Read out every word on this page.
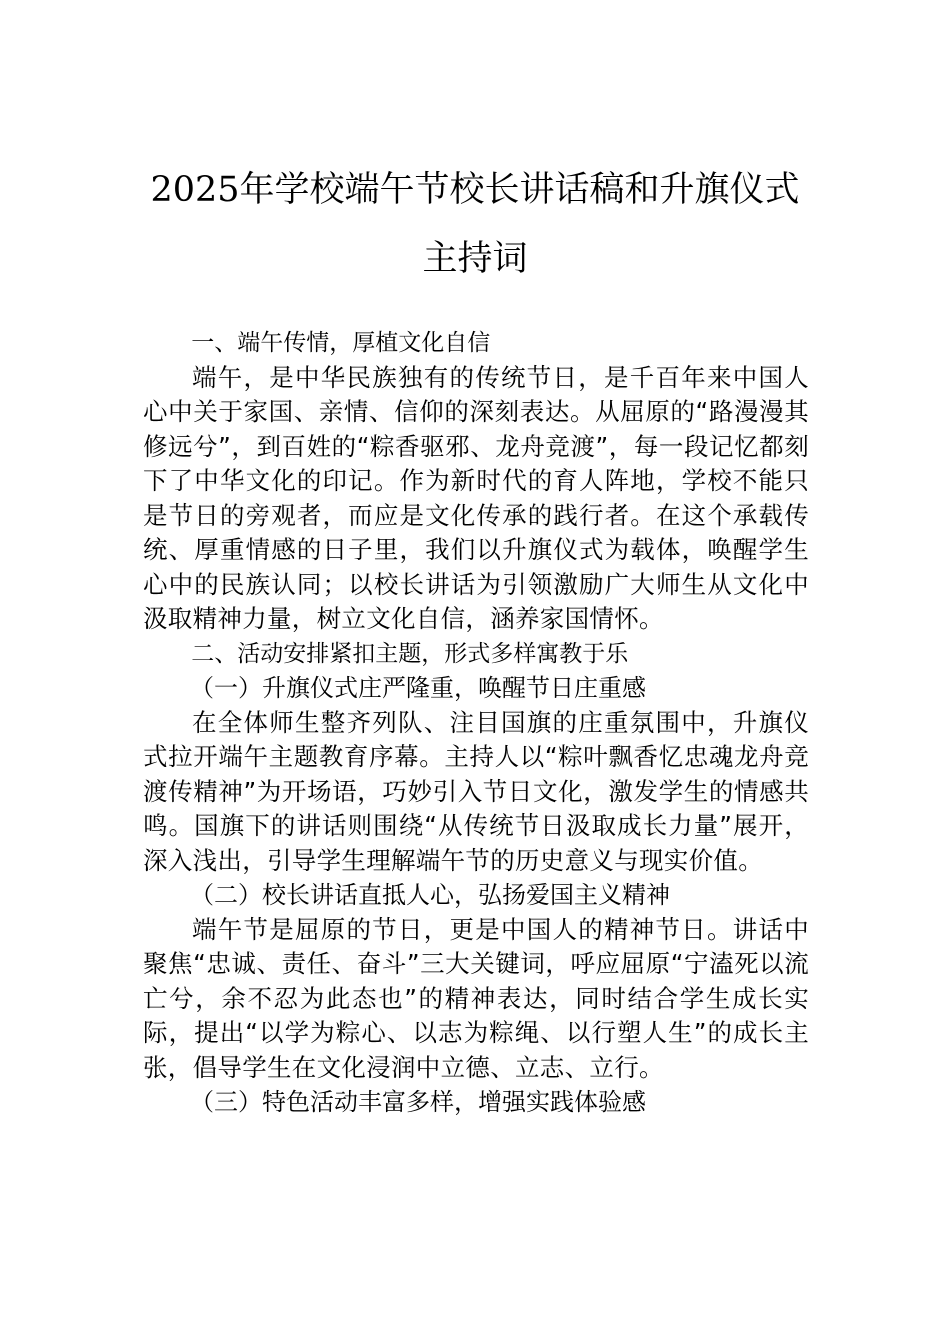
2025年学校端午节校长讲话稿和升旗仪式
主持词

一、端午传情，厚植文化自信

端午，是中华民族独有的传统节日，是千百年来中国人心中关于家国、亲情、信仰的深刻表达。从屈原的“路漫漫其修远兮”，到百姓的“粽香驱邪、龙舟竞渡”，每一段记忆都刻下了中华文化的印记。作为新时代的育人阵地，学校不能只是节日的旁观者，而应是文化传承的践行者。在这个承载传统、厚重情感的日子里，我们以升旗仪式为载体，唤醒学生心中的民族认同；以校长讲话为引领激励广大师生从文化中汲取精神力量，树立文化自信，涵养家国情怀。

二、活动安排紧扣主题，形式多样寓教于乐

（一）升旗仪式庄严隆重，唤醒节日庄重感

在全体师生整齐列队、注目国旗的庄重氛围中，升旗仪式拉开端午主题教育序幕。主持人以“粽叶飘香忆忠魂龙舟竞渡传精神”为开场语，巧妙引入节日文化，激发学生的情感共鸣。国旗下的讲话则围绕“从传统节日汲取成长力量”展开，深入浅出，引导学生理解端午节的历史意义与现实价值。

（二）校长讲话直抵人心，弘扬爱国主义精神

端午节是屈原的节日，更是中国人的精神节日。讲话中聚焦“忠诚、责任、奋斗”三大关键词，呼应屈原“宁溘死以流亡兮，余不忍为此态也”的精神表达，同时结合学生成长实际，提出“以学为粽心、以志为粽绳、以行塑人生”的成长主张，倡导学生在文化浸润中立德、立志、立行。

（三）特色活动丰富多样，增强实践体验感
